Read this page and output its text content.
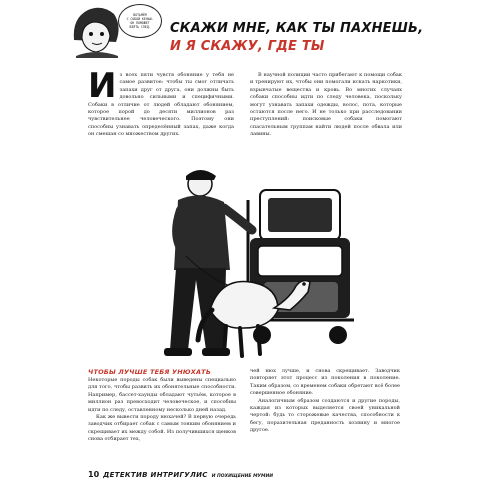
ВОТЬМЁМ
С СОБОЙ КЕНЬШ.
ОН ПОМОЖЕТ
ВЗЯТЬ СЛЕД.	СКАЖИ МНЕ, КАК ТЫ ПАХНЕШЬ,
И Я СКАЖУ, ГДЕ ТЫ
И з всех пяти чувств обоняние у тебя не самое развитое: чтобы ты смог отличать запахи друг от друга, они должны быть довольно сильными и специфичными. Собаки в отличие от людей обладают обонянием, которое порой до десяти миллионов раз чувствительнее человеческого. Поэтому они способны узнавать определённый запах, даже когда он смешан со множеством других.

В научной полиции часто прибегают к помощи собак и тренируют их, чтобы они помогали искать наркотики, взрывчатые вещества и кровь. Во многих случаях собаки способны идти по следу человека, поскольку могут узнавать запахи одежды, волос, пота, которые остаются после него. И не только при расследовании преступлений: поисковые собаки помогают спасательным группам найти людей после обвала или лавины.

ЧТОБЫ ЛУЧШЕ ТЕБЯ УНЮХАТЬ

Некоторые породы собак были выведены специально для того, чтобы развить их обонятельные способности. Например, бассет-хаунды обладают чутьём, которое в миллион раз превосходит человеческое, и способны идти по следу, оставленному несколько дней назад.

Как же вывести породу нюхачей? В первую очередь заводчик отбирает собак с самым тонким обонянием и скрещивает их между собой. Из получившихся щенков снова отбирает тех,

чей нюх лучше, и снова скрещивает. Заводчик повторяет этот процесс из поколения в поколение. Таким образом, со временем собаки обретают всё более совершенное обоняние.

Аналогичным образом создаются и другие породы, каждая из которых выделяется своей уникальной чертой: будь то сторожевые качества, способности к бегу, поразительная преданность хозяину и многое другое.

10 ДЕТЕКТИВ ИНТРИГУЛИС И ПОХИЩЕНИЕ МУМИИ
